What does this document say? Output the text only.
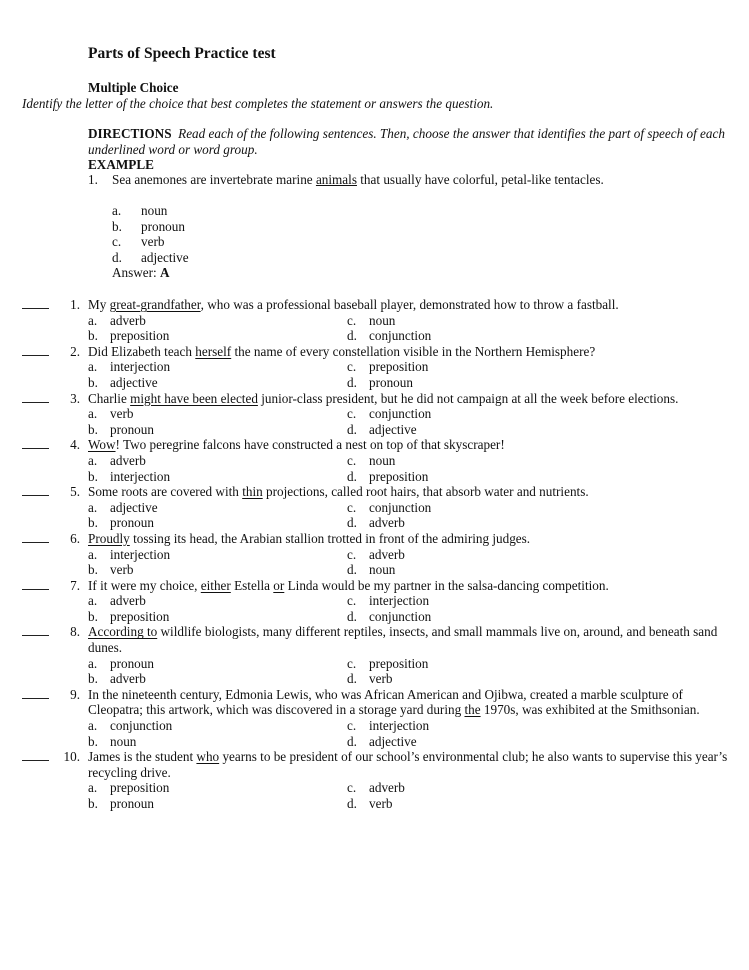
Parts of Speech Practice test
Multiple Choice
Identify the letter of the choice that best completes the statement or answers the question.
DIRECTIONS Read each of the following sentences. Then, choose the answer that identifies the part of speech of each underlined word or word group.
EXAMPLE
1. Sea anemones are invertebrate marine animals that usually have colorful, petal-like tentacles.
a.	noun
b.	pronoun
c.	verb
d.	adjective
Answer: A
1. My great-grandfather, who was a professional baseball player, demonstrated how to throw a fastball.
a. adverb	c. noun
b. preposition	d. conjunction
2. Did Elizabeth teach herself the name of every constellation visible in the Northern Hemisphere?
a. interjection	c. preposition
b. adjective	d. pronoun
3. Charlie might have been elected junior-class president, but he did not campaign at all the week before elections.
a. verb	c. conjunction
b. pronoun	d. adjective
4. Wow! Two peregrine falcons have constructed a nest on top of that skyscraper!
a. adverb	c. noun
b. interjection	d. preposition
5. Some roots are covered with thin projections, called root hairs, that absorb water and nutrients.
a. adjective	c. conjunction
b. pronoun	d. adverb
6. Proudly tossing its head, the Arabian stallion trotted in front of the admiring judges.
a. interjection	c. adverb
b. verb	d. noun
7. If it were my choice, either Estella or Linda would be my partner in the salsa-dancing competition.
a. adverb	c. interjection
b. preposition	d. conjunction
8. According to wildlife biologists, many different reptiles, insects, and small mammals live on, around, and beneath sand dunes.
a. pronoun	c. preposition
b. adverb	d. verb
9. In the nineteenth century, Edmonia Lewis, who was African American and Ojibwa, created a marble sculpture of Cleopatra; this artwork, which was discovered in a storage yard during the 1970s, was exhibited at the Smithsonian.
a. conjunction	c. interjection
b. noun	d. adjective
10. James is the student who yearns to be president of our school’s environmental club; he also wants to supervise this year’s recycling drive.
a. preposition	c. adverb
b. pronoun	d. verb
